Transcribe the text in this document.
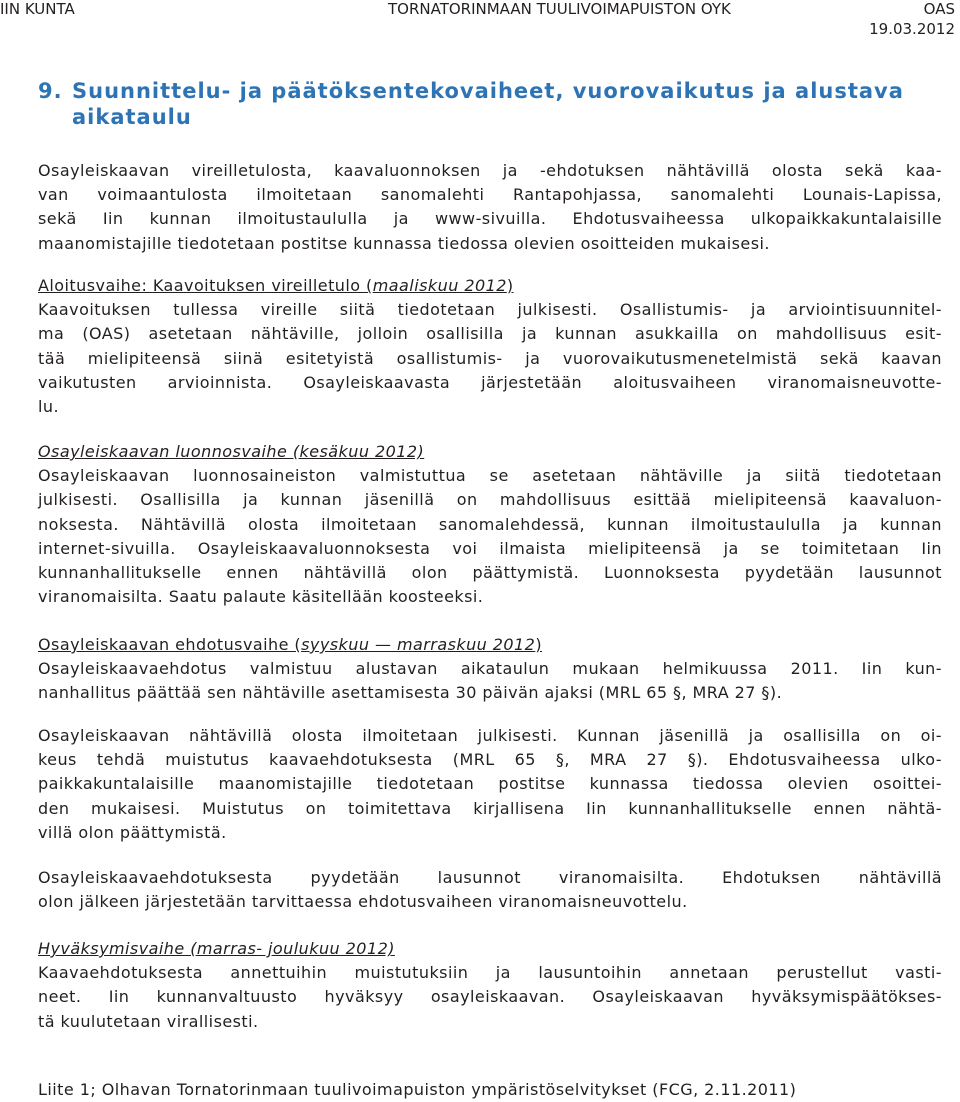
IIN KUNTA	TORNATORINMAAN TUULIVOIMAPUISTON OYK	OAS
19.03.2012
9. Suunnittelu- ja päätöksentekovaiheet, vuorovaikutus ja alustava
aikataulu
Osayleiskaavan vireilletulosta, kaavaluonnoksen ja -ehdotuksen nähtävillä olosta sekä kaa-
van voimaantulosta ilmoitetaan sanomalehti Rantapohjassa, sanomalehti Lounais-Lapissa,
sekä Iin kunnan ilmoitustaululla ja www-sivuilla. Ehdotusvaiheessa ulkopaikkakuntalaisille
maanomistajille tiedotetaan postitse kunnassa tiedossa olevien osoitteiden mukaisesi.
Aloitusvaihe: Kaavoituksen vireilletulo (maaliskuu 2012)
Kaavoituksen tullessa vireille siitä tiedotetaan julkisesti. Osallistumis- ja arviointisuunnitel-
ma (OAS) asetetaan nähtäville, jolloin osallisilla ja kunnan asukkailla on mahdollisuus esit-
tää mielipiteensä siinä esitetyistä osallistumis- ja vuorovaikutusmenetelmistä sekä kaavan
vaikutusten arvioinnista. Osayleiskaavasta järjestetään aloitusvaiheen viranomaisneuvotte-
lu.
Osayleiskaavan luonnosvaihe (kesäkuu 2012)
Osayleiskaavan luonnosaineiston valmistuttua se asetetaan nähtäville ja siitä tiedotetaan
julkisesti. Osallisilla ja kunnan jäsenillä on mahdollisuus esittää mielipiteensä kaavaluon-
noksesta. Nähtävillä olosta ilmoitetaan sanomalehdessä, kunnan ilmoitustaululla ja kunnan
internet-sivuilla. Osayleiskaavaluonnoksesta voi ilmaista mielipiteensä ja se toimitetaan Iin
kunnanhallitukselle ennen nähtävillä olon päättymistä. Luonnoksesta pyydetään lausunnot
viranomaisilta. Saatu palaute käsitellään koosteeksi.
Osayleiskaavan ehdotusvaihe (syyskuu — marraskuu 2012)
Osayleiskaavaehdotus valmistuu alustavan aikataulun mukaan helmikuussa 2011. Iin kun-
nanhallitus päättää sen nähtäville asettamisesta 30 päivän ajaksi (MRL 65 §, MRA 27 §).
Osayleiskaavan nähtävillä olosta ilmoitetaan julkisesti. Kunnan jäsenillä ja osallisilla on oi-
keus tehdä muistutus kaavaehdotuksesta (MRL 65 §, MRA 27 §). Ehdotusvaiheessa ulko-
paikkakuntalaisille maanomistajille tiedotetaan postitse kunnassa tiedossa olevien osoittei-
den mukaisesi. Muistutus on toimitettava kirjallisena Iin kunnanhallitukselle ennen nähtä-
villä olon päättymistä.
Osayleiskaavaehdotuksesta pyydetään lausunnot viranomaisilta. Ehdotuksen nähtävillä
olon jälkeen järjestetään tarvittaessa ehdotusvaiheen viranomaisneuvottelu.
Hyväksymisvaihe (marras- joulukuu 2012)
Kaavaehdotuksesta annettuihin muistutuksiin ja lausuntoihin annetaan perustellut vasti-
neet. Iin kunnanvaltuusto hyväksyy osayleiskaavan. Osayleiskaavan hyväksymispäätökses-
tä kuulutetaan virallisesti.
Liite 1; Olhavan Tornatorinmaan tuulivoimapuiston ympäristöselvitykset (FCG, 2.11.2011)
